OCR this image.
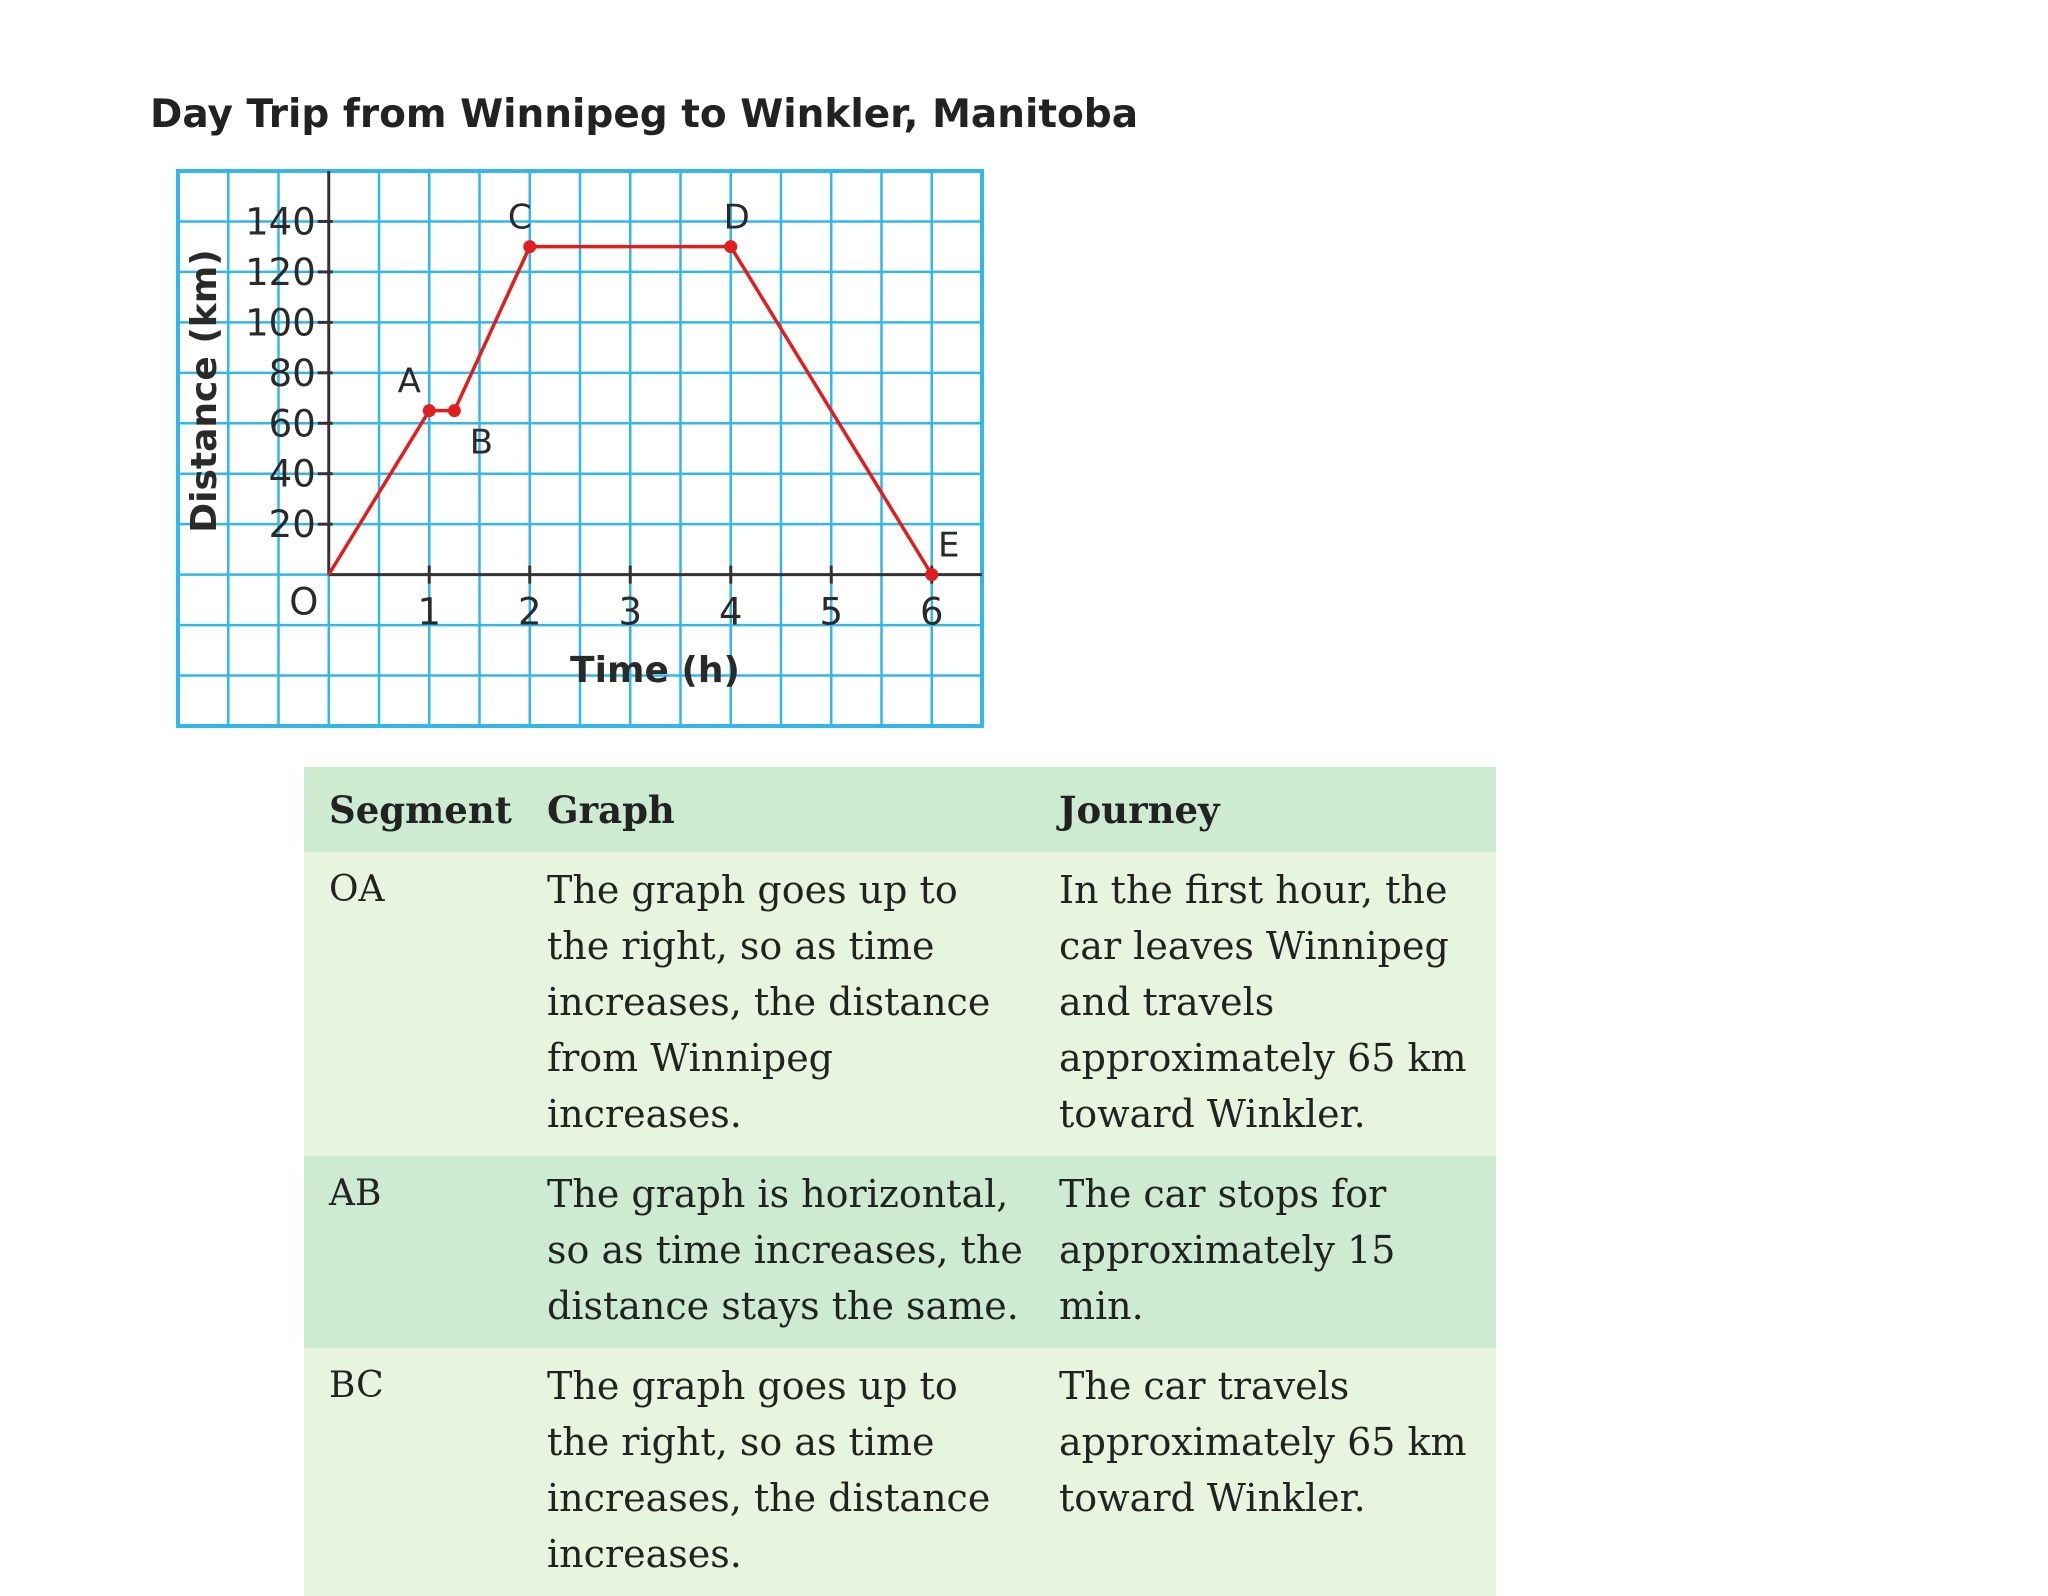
Day Trip from Winnipeg to Winkler, Manitoba
1 2 3 4 5 6
20
40
60
80
100
120
140
O
A
B
C	D
E
Time (h)
Distance (km)
Segment	Graph	Journey
OA	The graph goes up to the right, so as time increases, the distance from Winnipeg increases.	In the first hour, the car leaves Winnipeg and travels approximately 65 km toward Winkler.
AB	The graph is horizontal, so as time increases, the distance stays the same.	The car stops for approximately 15 min.
BC	The graph goes up to the right, so as time increases, the distance increases.	The car travels approximately 65 km toward Winkler.
